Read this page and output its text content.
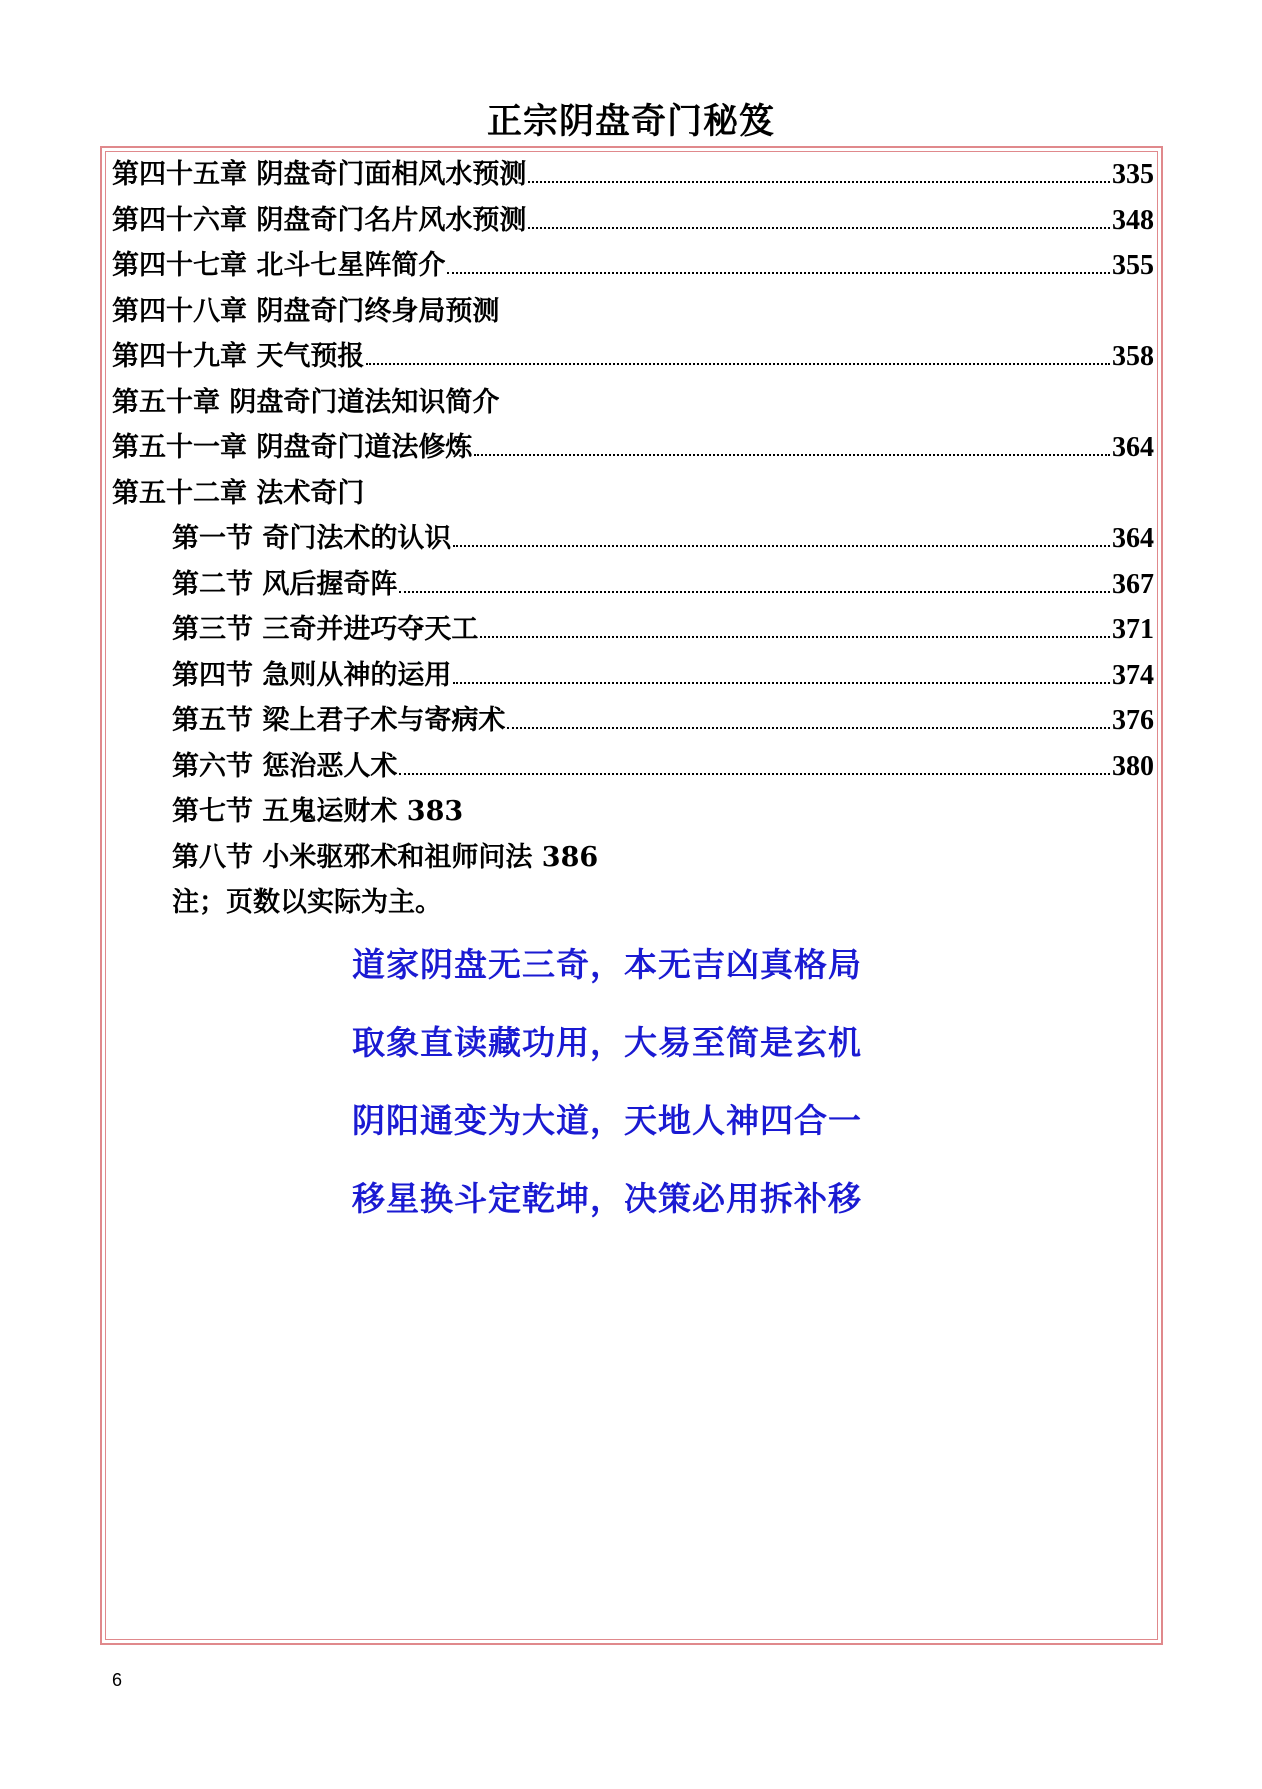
正宗阴盘奇门秘笈
第四十五章 阴盘奇门面相风水预测	335
第四十六章 阴盘奇门名片风水预测	348
第四十七章 北斗七星阵简介	355
第四十八章 阴盘奇门终身局预测
第四十九章 天气预报	358
第五十章 阴盘奇门道法知识简介
第五十一章 阴盘奇门道法修炼	364
第五十二章 法术奇门
第一节 奇门法术的认识	364
第二节 风后握奇阵	367
第三节 三奇并进巧夺天工	371
第四节 急则从神的运用	374
第五节 梁上君子术与寄病术	376
第六节 惩治恶人术	380
第七节 五鬼运财术 383
第八节 小米驱邪术和祖师问法 386
注；页数以实际为主。
道家阴盘无三奇，本无吉凶真格局
取象直读藏功用，大易至简是玄机
阴阳通变为大道，天地人神四合一
移星换斗定乾坤，决策必用拆补移
6
